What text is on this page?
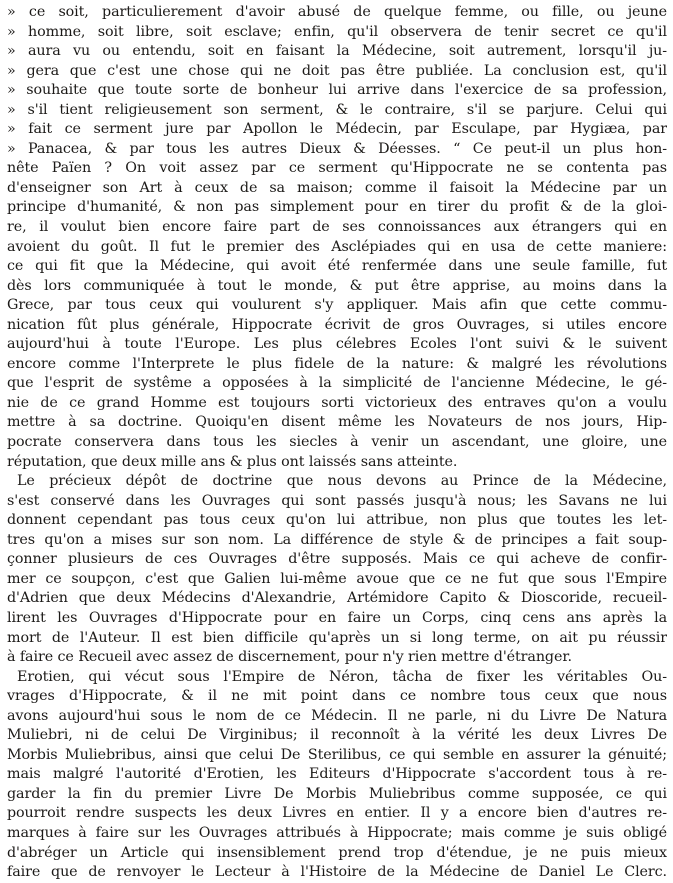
» ce soit, particulierement d'avoir abusé de quelque femme, ou fille, ou jeune
» homme, soit libre, soit esclave; enfin, qu'il observera de tenir secret ce qu'il
» aura vu ou entendu, soit en faisant la Médecine, soit autrement, lorsqu'il ju-
» gera que c'est une chose qui ne doit pas être publiée. La conclusion est, qu'il
» souhaite que toute sorte de bonheur lui arrive dans l'exercice de sa profession,
» s'il tient religieusement son serment, & le contraire, s'il se parjure. Celui qui
» fait ce serment jure par Apollon le Médecin, par Esculape, par Hygiæa, par
» Panacea, & par tous les autres Dieux & Déesses. “ Ce peut-il un plus hon-
nête Païen ? On voit assez par ce serment qu'Hippocrate ne se contenta pas
d'enseigner son Art à ceux de sa maison; comme il faisoit la Médecine par un
principe d'humanité, & non pas simplement pour en tirer du profit & de la gloi-
re, il voulut bien encore faire part de ses connoissances aux étrangers qui en
avoient du goût. Il fut le premier des Asclépiades qui en usa de cette maniere:
ce qui fit que la Médecine, qui avoit été renfermée dans une seule famille, fut
dès lors communiquée à tout le monde, & put être apprise, au moins dans la
Grece, par tous ceux qui voulurent s'y appliquer. Mais afin que cette commu-
nication fût plus générale, Hippocrate écrivit de gros Ouvrages, si utiles encore
aujourd'hui à toute l'Europe. Les plus célebres Ecoles l'ont suivi & le suivent
encore comme l'Interprete le plus fidele de la nature: & malgré les révolutions
que l'esprit de systême a opposées à la simplicité de l'ancienne Médecine, le gé-
nie de ce grand Homme est toujours sorti victorieux des entraves qu'on a voulu
mettre à sa doctrine. Quoiqu'en disent même les Novateurs de nos jours, Hip-
pocrate conservera dans tous les siecles à venir un ascendant, une gloire, une
réputation, que deux mille ans & plus ont laissés sans atteinte.
Le précieux dépôt de doctrine que nous devons au Prince de la Médecine,
s'est conservé dans les Ouvrages qui sont passés jusqu'à nous; les Savans ne lui
donnent cependant pas tous ceux qu'on lui attribue, non plus que toutes les let-
tres qu'on a mises sur son nom. La différence de style & de principes a fait soup-
çonner plusieurs de ces Ouvrages d'être supposés. Mais ce qui acheve de confir-
mer ce soupçon, c'est que Galien lui-même avoue que ce ne fut que sous l'Empire
d'Adrien que deux Médecins d'Alexandrie, Artémidore Capito & Dioscoride, recueil-
lirent les Ouvrages d'Hippocrate pour en faire un Corps, cinq cens ans après la
mort de l'Auteur. Il est bien difficile qu'après un si long terme, on ait pu réussir
à faire ce Recueil avec assez de discernement, pour n'y rien mettre d'étranger.
Erotien, qui vécut sous l'Empire de Néron, tâcha de fixer les véritables Ou-
vrages d'Hippocrate, & il ne mit point dans ce nombre tous ceux que nous
avons aujourd'hui sous le nom de ce Médecin. Il ne parle, ni du Livre De Natura
Muliebri, ni de celui De Virginibus; il reconnoît à la vérité les deux Livres De
Morbis Muliebribus, ainsi que celui De Sterilibus, ce qui semble en assurer la génuité;
mais malgré l'autorité d'Erotien, les Editeurs d'Hippocrate s'accordent tous à re-
garder la fin du premier Livre De Morbis Muliebribus comme supposée, ce qui
pourroit rendre suspects les deux Livres en entier. Il y a encore bien d'autres re-
marques à faire sur les Ouvrages attribués à Hippocrate; mais comme je suis obligé
d'abréger un Article qui insensiblement prend trop d'étendue, je ne puis mieux
faire que de renvoyer le Lecteur à l'Histoire de la Médecine de Daniel Le Clerc.
